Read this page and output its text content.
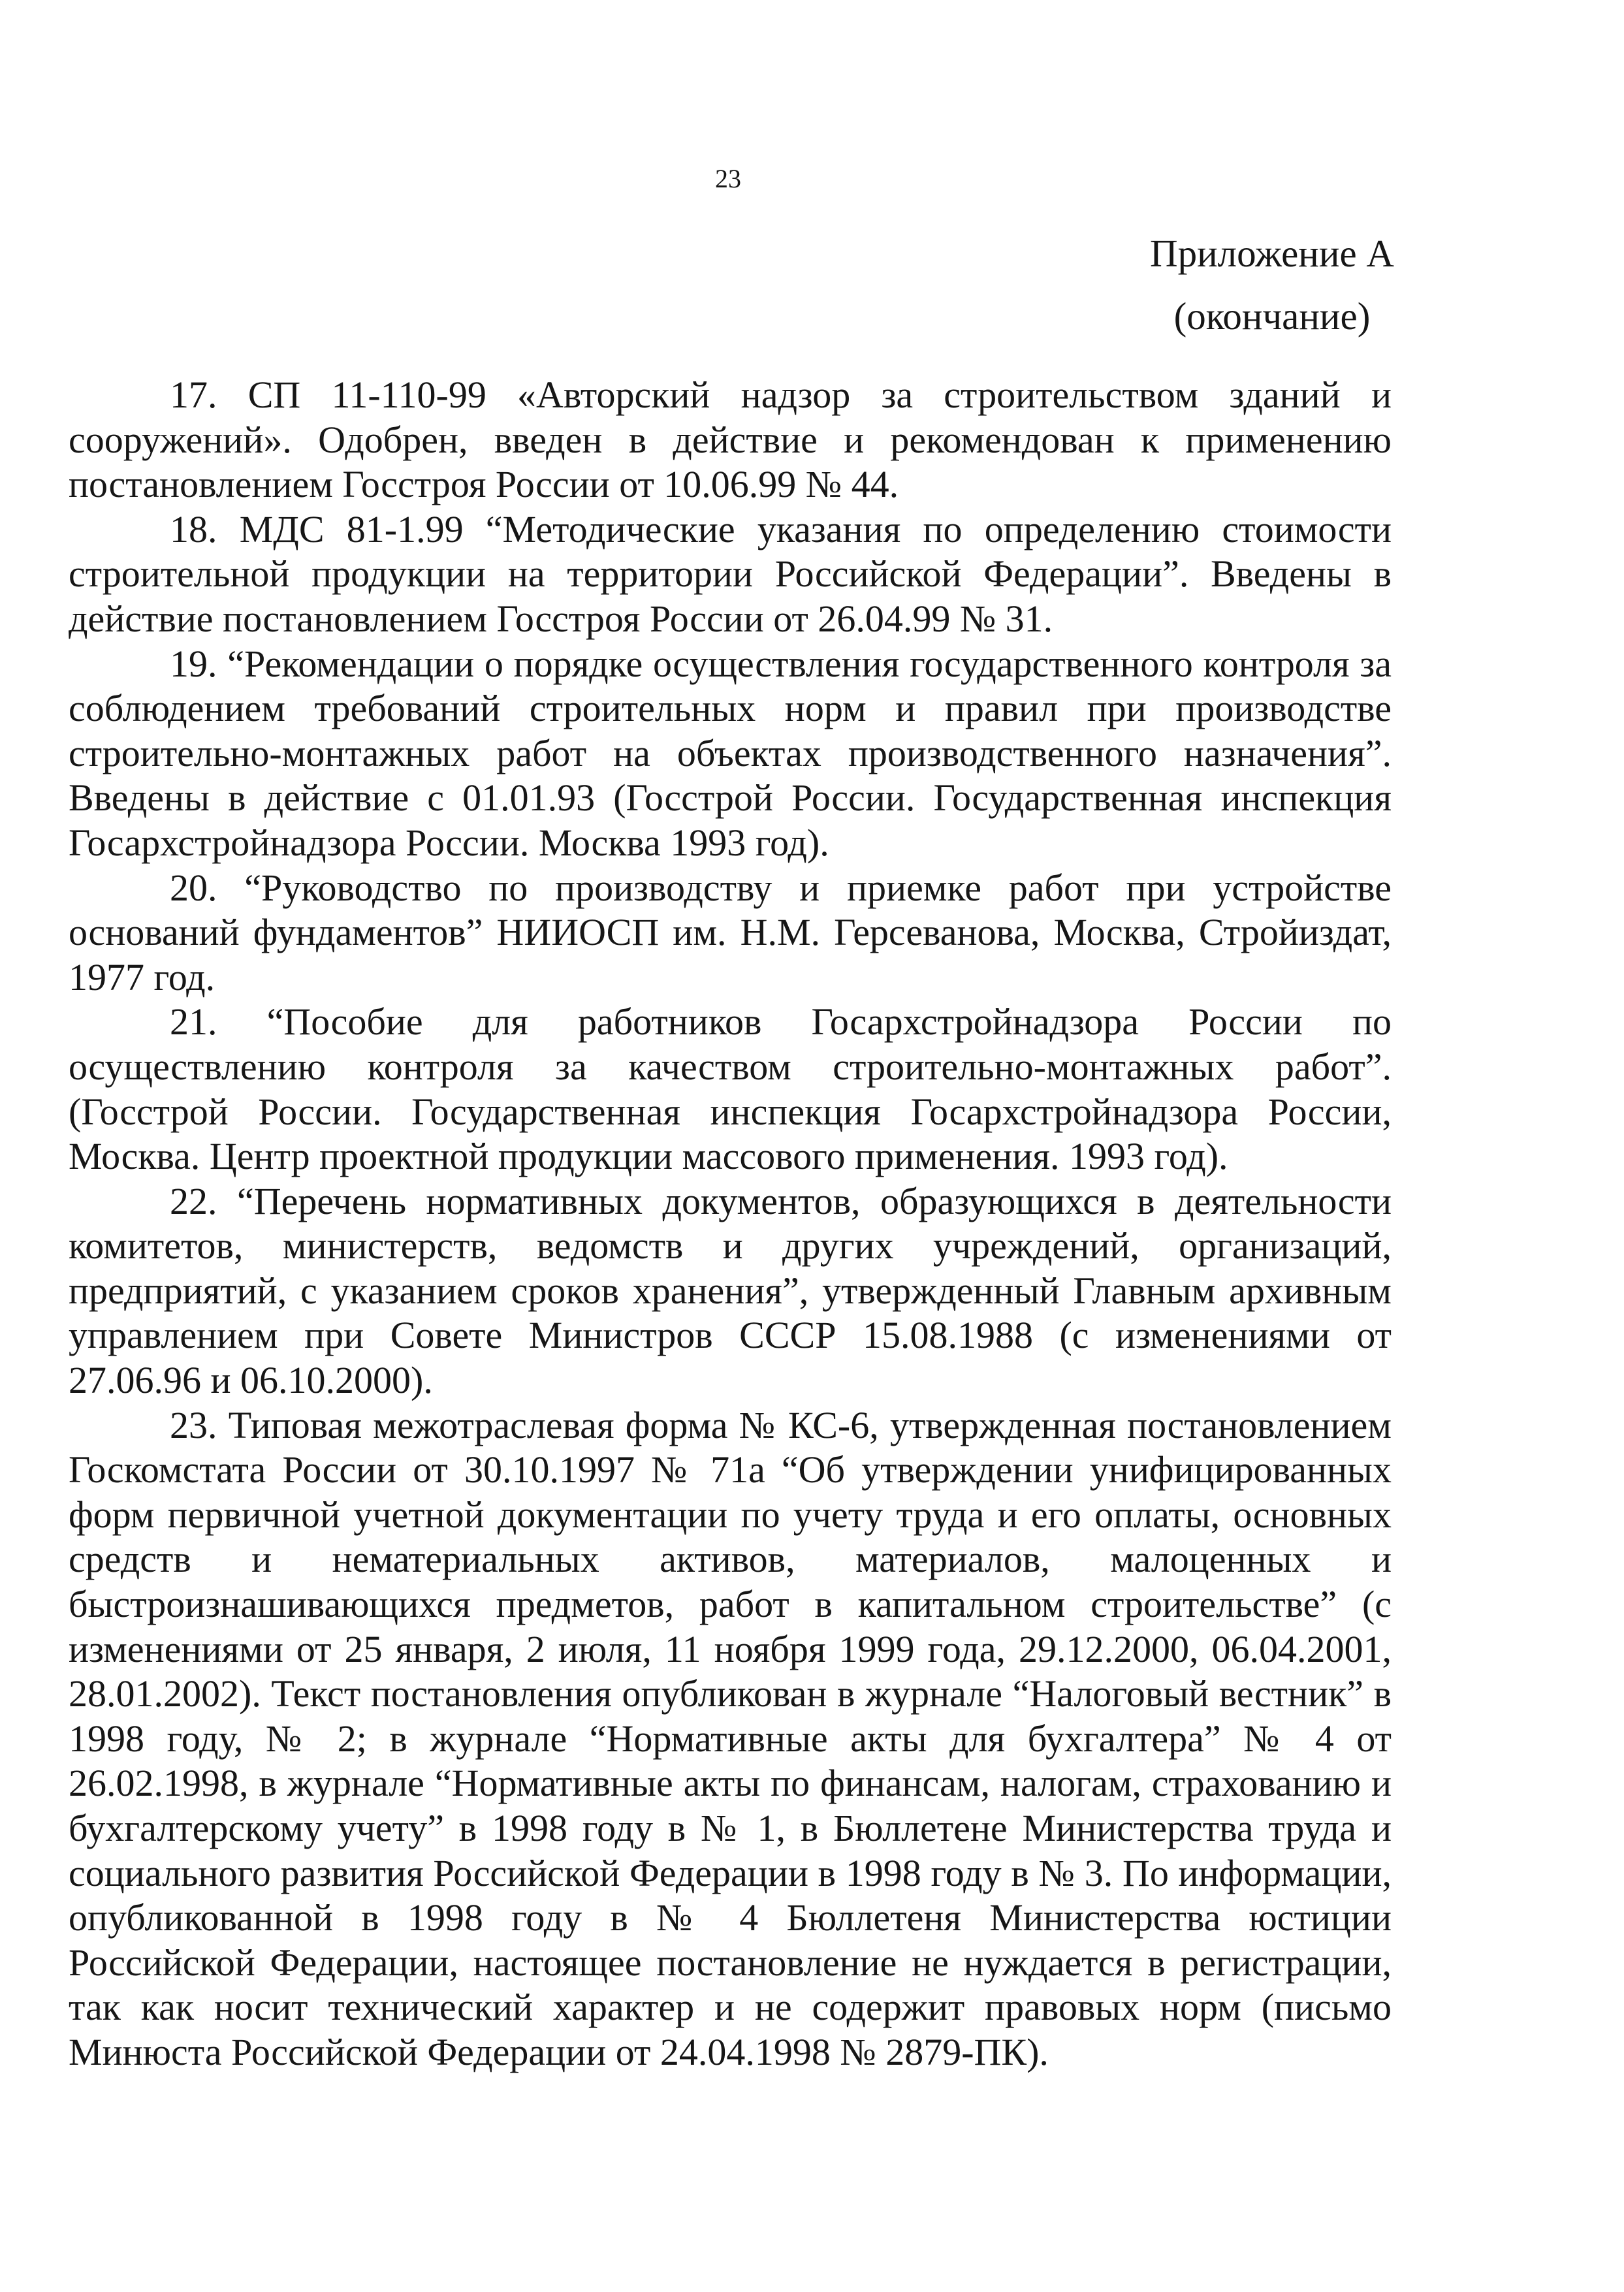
23
Приложение А
(окончание)
17. СП 11-110-99 «Авторский надзор за строительством зданий и сооружений». Одобрен, введен в действие и рекомендован к применению постановлением Госстроя России от 10.06.99 № 44.
18. МДС 81-1.99 “Методические указания по определению стоимости строительной продукции на территории Российской Федерации”. Введены в действие постановлением Госстроя России от 26.04.99 № 31.
19. “Рекомендации о порядке осуществления государственного контроля за соблюдением требований строительных норм и правил при производстве строительно-монтажных работ на объектах производственного назначения”. Введены в действие с 01.01.93 (Госстрой России. Государственная инспекция Госархстройнадзора России. Москва 1993 год).
20. “Руководство по производству и приемке работ при устройстве оснований фундаментов” НИИОСП им. Н.М. Герсеванова, Москва, Стройиздат, 1977 год.
21. “Пособие для работников Госархстройнадзора России по осуществлению контроля за качеством строительно-монтажных работ”. (Госстрой России. Государственная инспекция Госархстройнадзора России, Москва. Центр проектной продукции массового применения. 1993 год).
22. “Перечень нормативных документов, образующихся в деятельности комитетов, министерств, ведомств и других учреждений, организаций, предприятий, с указанием сроков хранения”, утвержденный Главным архивным управлением при Совете Министров СССР 15.08.1988 (с изменениями от 27.06.96 и 06.10.2000).
23. Типовая межотраслевая форма № КС-6, утвержденная постановлением Госкомстата России от 30.10.1997 № 71а “Об утверждении унифицированных форм первичной учетной документации по учету труда и его оплаты, основных средств и нематериальных активов, материалов, малоценных и быстроизнашивающихся предметов, работ в капитальном строительстве” (с изменениями от 25 января, 2 июля, 11 ноября 1999 года, 29.12.2000, 06.04.2001, 28.01.2002). Текст постановления опубликован в журнале “Налоговый вестник” в 1998 году, № 2; в журнале “Нормативные акты для бухгалтера” № 4 от 26.02.1998, в журнале “Нормативные акты по финансам, налогам, страхованию и бухгалтерскому учету” в 1998 году в № 1, в Бюллетене Министерства труда и социального развития Российской Федерации в 1998 году в № 3. По информации, опубликованной в 1998 году в № 4 Бюллетеня Министерства юстиции Российской Федерации, настоящее постановление не нуждается в регистрации, так как носит технический характер и не содержит правовых норм (письмо Минюста Российской Федерации от 24.04.1998 № 2879-ПК).
